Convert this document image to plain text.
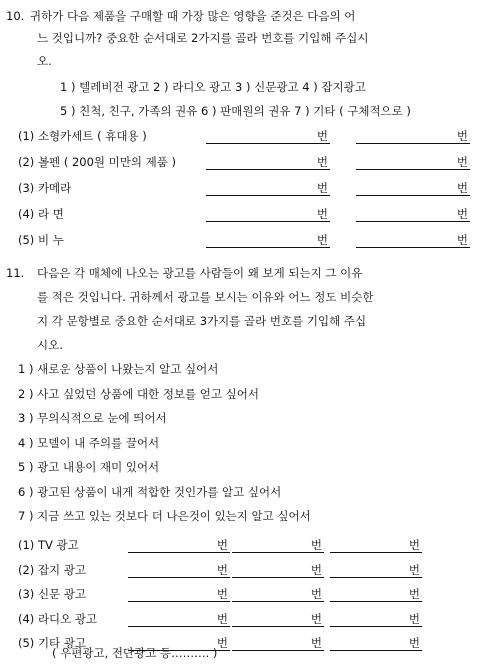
10. 귀하가 다음 제품을 구매할 때 가장 많은 영향을 준것은 다음의 어
느 것입니까? 중요한 순서대로 2가지를 골라 번호를 기입해 주십시
오.
1 ) 텔레비전 광고 2 ) 라디오 광고 3 ) 신문광고 4 ) 잡지광고
5 ) 친척, 친구, 가족의 권유 6 ) 판매원의 권유 7 ) 기타 ( 구체적으로 )
(1) 소형카세트 ( 휴대용 )	번	번
(2) 볼펜 ( 200원 미만의 제품 )	번	번
(3) 카메라	번	번
(4) 라 면	번	번
(5) 비 누	번	번
11. 다음은 각 매체에 나오는 광고를 사람들이 왜 보게 되는지 그 이유
를 적은 것입니다. 귀하께서 광고를 보시는 이유와 어느 정도 비슷한
지 각 문항별로 중요한 순서대로 3가지를 골라 번호를 기입해 주십
시오.
1 ) 새로운 상품이 나왔는지 알고 싶어서
2 ) 사고 싶었던 상품에 대한 정보를 얻고 싶어서
3 ) 무의식적으로 눈에 띄어서
4 ) 모델이 내 주의를 끌어서
5 ) 광고 내용이 재미 있어서
6 ) 광고된 상품이 내게 적합한 것인가를 알고 싶어서
7 ) 지금 쓰고 있는 것보다 더 나은것이 있는지 알고 싶어서
(1) TV 광고	번	번	번
(2) 잡지 광고	번	번	번
(3) 신문 광고	번	번	번
(4) 라디오 광고	번	번	번
(5) 기타 광고	번	번	번
( 우편광고, 전단광고 등………. )
